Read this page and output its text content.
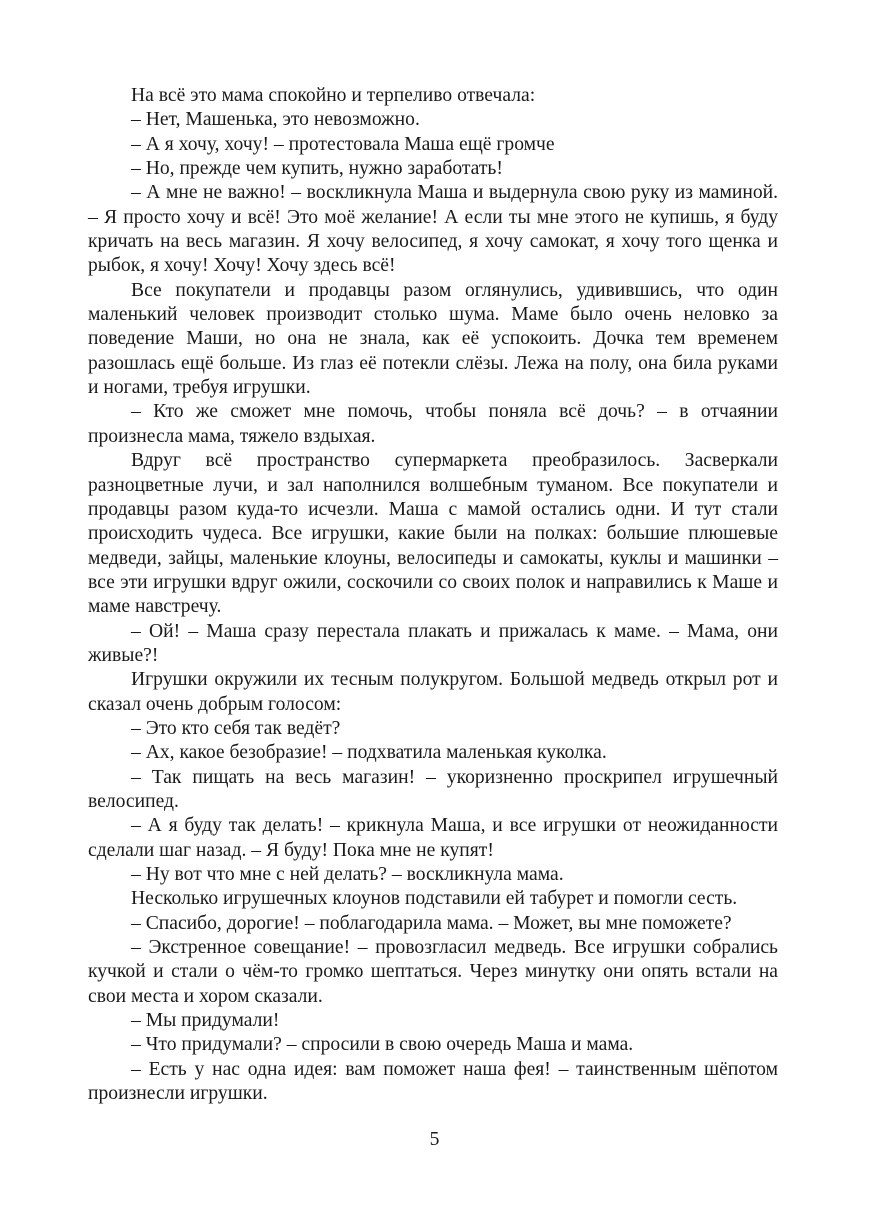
На всё это мама спокойно и терпеливо отвечала:

– Нет, Машенька, это невозможно.

– А я хочу, хочу! – протестовала Маша ещё громче

– Но, прежде чем купить, нужно заработать!

– А мне не важно! – воскликнула Маша и выдернула свою руку из маминой. – Я просто хочу и всё! Это моё желание! А если ты мне этого не купишь, я буду кричать на весь магазин. Я хочу велосипед, я хочу самокат, я хочу того щенка и рыбок, я хочу! Хочу! Хочу здесь всё!

Все покупатели и продавцы разом оглянулись, удивившись, что один маленький человек производит столько шума. Маме было очень неловко за поведение Маши, но она не знала, как её успокоить. Дочка тем временем разошлась ещё больше. Из глаз её потекли слёзы. Лежа на полу, она била руками и ногами, требуя игрушки.

– Кто же сможет мне помочь, чтобы поняла всё дочь? – в отчаянии произнесла мама, тяжело вздыхая.

Вдруг всё пространство супермаркета преобразилось. Засверкали разноцветные лучи, и зал наполнился волшебным туманом. Все покупатели и продавцы разом куда-то исчезли. Маша с мамой остались одни. И тут стали происходить чудеса. Все игрушки, какие были на полках: большие плюшевые медведи, зайцы, маленькие клоуны, велосипеды и самокаты, куклы и машинки – все эти игрушки вдруг ожили, соскочили со своих полок и направились к Маше и маме навстречу.

– Ой! – Маша сразу перестала плакать и прижалась к маме. – Мама, они живые?!

Игрушки окружили их тесным полукругом. Большой медведь открыл рот и сказал очень добрым голосом:

– Это кто себя так ведёт?

– Ах, какое безобразие! – подхватила маленькая куколка.

– Так пищать на весь магазин! – укоризненно проскрипел игрушечный велосипед.

– А я буду так делать! – крикнула Маша, и все игрушки от неожиданности сделали шаг назад. – Я буду! Пока мне не купят!

– Ну вот что мне с ней делать? – воскликнула мама.

Несколько игрушечных клоунов подставили ей табурет и помогли сесть.

– Спасибо, дорогие! – поблагодарила мама. – Может, вы мне поможете?

– Экстренное совещание! – провозгласил медведь. Все игрушки собрались кучкой и стали о чём-то громко шептаться. Через минутку они опять встали на свои места и хором сказали.

– Мы придумали!

– Что придумали? – спросили в свою очередь Маша и мама.

– Есть у нас одна идея: вам поможет наша фея! – таинственным шёпотом произнесли игрушки.

5
